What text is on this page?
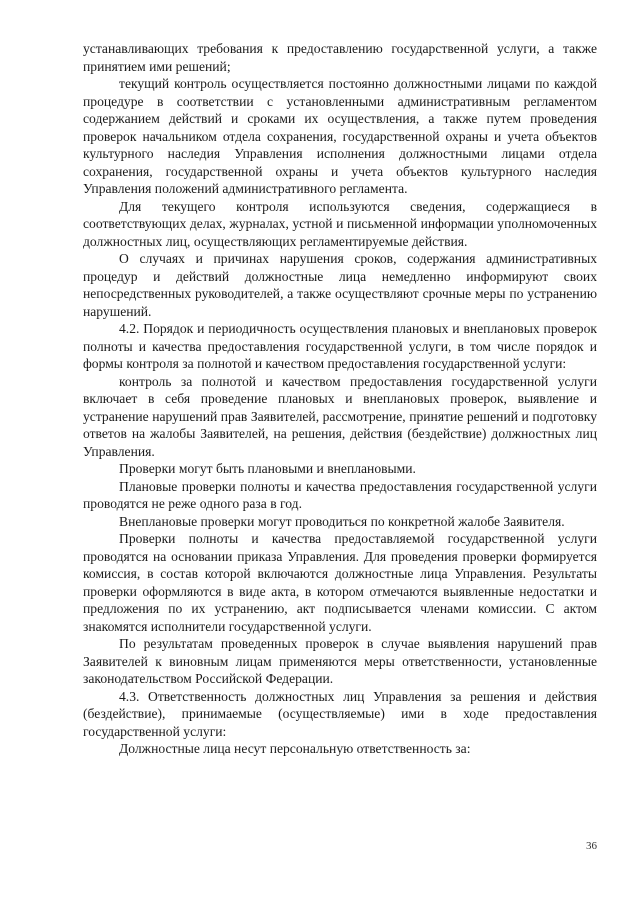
устанавливающих требования к предоставлению государственной услуги, а также принятием ими решений;

текущий контроль осуществляется постоянно должностными лицами по каждой процедуре в соответствии с установленными административным регламентом содержанием действий и сроками их осуществления, а также путем проведения проверок начальником отдела сохранения, государственной охраны и учета объектов культурного наследия Управления исполнения должностными лицами отдела сохранения, государственной охраны и учета объектов культурного наследия Управления положений административного регламента.

Для текущего контроля используются сведения, содержащиеся в соответствующих делах, журналах, устной и письменной информации уполномоченных должностных лиц, осуществляющих регламентируемые действия.

О случаях и причинах нарушения сроков, содержания административных процедур и действий должностные лица немедленно информируют своих непосредственных руководителей, а также осуществляют срочные меры по устранению нарушений.

4.2. Порядок и периодичность осуществления плановых и внеплановых проверок полноты и качества предоставления государственной услуги, в том числе порядок и формы контроля за полнотой и качеством предоставления государственной услуги:

контроль за полнотой и качеством предоставления государственной услуги включает в себя проведение плановых и внеплановых проверок, выявление и устранение нарушений прав Заявителей, рассмотрение, принятие решений и подготовку ответов на жалобы Заявителей, на решения, действия (бездействие) должностных лиц Управления.

Проверки могут быть плановыми и внеплановыми.

Плановые проверки полноты и качества предоставления государственной услуги проводятся не реже одного раза в год.

Внеплановые проверки могут проводиться по конкретной жалобе Заявителя.

Проверки полноты и качества предоставляемой государственной услуги проводятся на основании приказа Управления. Для проведения проверки формируется комиссия, в состав которой включаются должностные лица Управления. Результаты проверки оформляются в виде акта, в котором отмечаются выявленные недостатки и предложения по их устранению, акт подписывается членами комиссии. С актом знакомятся исполнители государственной услуги.

По результатам проведенных проверок в случае выявления нарушений прав Заявителей к виновным лицам применяются меры ответственности, установленные законодательством Российской Федерации.

4.3. Ответственность должностных лиц Управления за решения и действия (бездействие), принимаемые (осуществляемые) ими в ходе предоставления государственной услуги:

Должностные лица несут персональную ответственность за:

36
